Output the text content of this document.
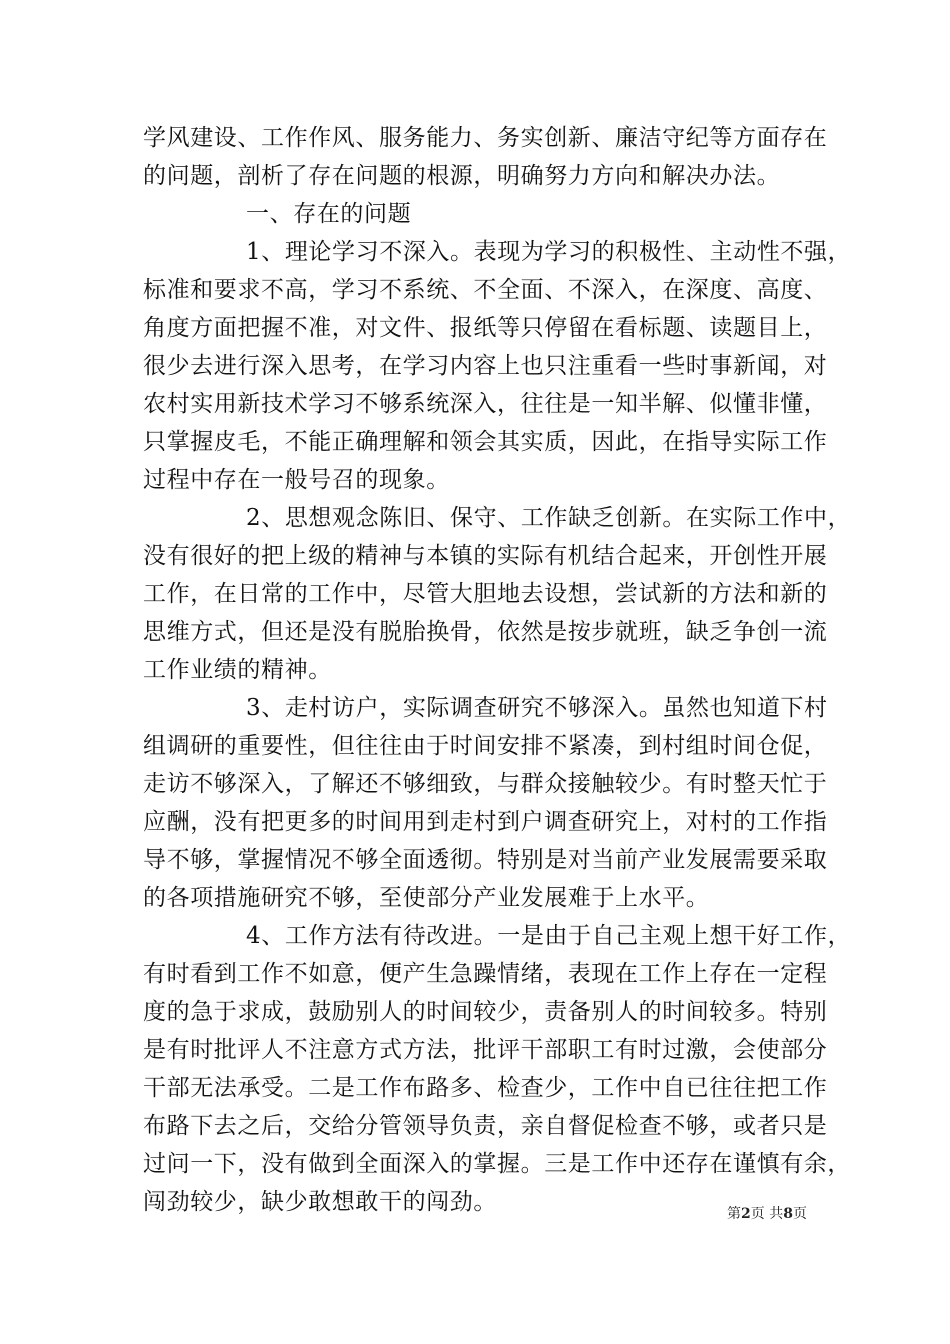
学风建设、工作作风、服务能力、务实创新、廉洁守纪等方面存在
的问题，剖析了存在问题的根源，明确努力方向和解决办法。
一、存在的问题
1、理论学习不深入。表现为学习的积极性、主动性不强，
标准和要求不高，学习不系统、不全面、不深入，在深度、高度、
角度方面把握不准，对文件、报纸等只停留在看标题、读题目上，
很少去进行深入思考，在学习内容上也只注重看一些时事新闻，对
农村实用新技术学习不够系统深入，往往是一知半解、似懂非懂，
只掌握皮毛，不能正确理解和领会其实质，因此，在指导实际工作
过程中存在一般号召的现象。
2、思想观念陈旧、保守、工作缺乏创新。在实际工作中，
没有很好的把上级的精神与本镇的实际有机结合起来，开创性开展
工作，在日常的工作中，尽管大胆地去设想，尝试新的方法和新的
思维方式，但还是没有脱胎换骨，依然是按步就班，缺乏争创一流
工作业绩的精神。
3、走村访户，实际调查研究不够深入。虽然也知道下村
组调研的重要性，但往往由于时间安排不紧凑，到村组时间仓促，
走访不够深入，了解还不够细致，与群众接触较少。有时整天忙于
应酬，没有把更多的时间用到走村到户调查研究上，对村的工作指
导不够，掌握情况不够全面透彻。特别是对当前产业发展需要采取
的各项措施研究不够，至使部分产业发展难于上水平。
4、工作方法有待改进。一是由于自己主观上想干好工作，
有时看到工作不如意，便产生急躁情绪，表现在工作上存在一定程
度的急于求成，鼓励别人的时间较少，责备别人的时间较多。特别
是有时批评人不注意方式方法，批评干部职工有时过激，会使部分
干部无法承受。二是工作布路多、检查少，工作中自已往往把工作
布路下去之后，交给分管领导负责，亲自督促检查不够，或者只是
过问一下，没有做到全面深入的掌握。三是工作中还存在谨慎有余，
闯劲较少，缺少敢想敢干的闯劲。	第2页 共8页
